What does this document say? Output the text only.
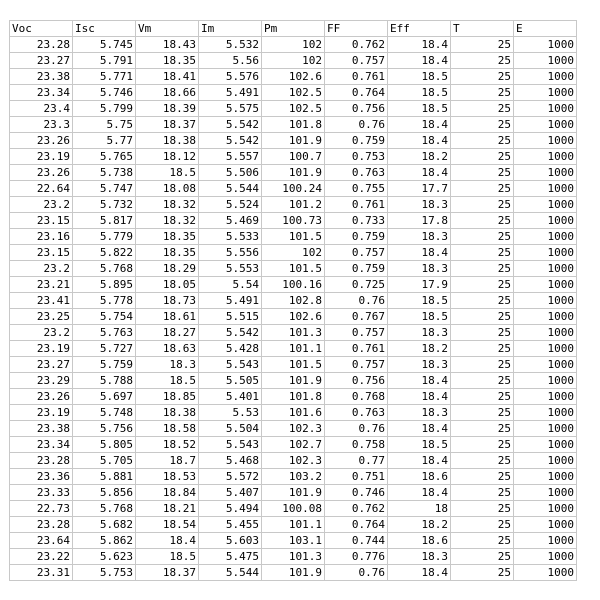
Voc	Isc	Vm	Im	Pm	FF	Eff	T	E
23.28	5.745	18.43	5.532	102	0.762	18.4	25	1000
23.27	5.791	18.35	5.56	102	0.757	18.4	25	1000
23.38	5.771	18.41	5.576	102.6	0.761	18.5	25	1000
23.34	5.746	18.66	5.491	102.5	0.764	18.5	25	1000
23.4	5.799	18.39	5.575	102.5	0.756	18.5	25	1000
23.3	5.75	18.37	5.542	101.8	0.76	18.4	25	1000
23.26	5.77	18.38	5.542	101.9	0.759	18.4	25	1000
23.19	5.765	18.12	5.557	100.7	0.753	18.2	25	1000
23.26	5.738	18.5	5.506	101.9	0.763	18.4	25	1000
22.64	5.747	18.08	5.544	100.24	0.755	17.7	25	1000
23.2	5.732	18.32	5.524	101.2	0.761	18.3	25	1000
23.15	5.817	18.32	5.469	100.73	0.733	17.8	25	1000
23.16	5.779	18.35	5.533	101.5	0.759	18.3	25	1000
23.15	5.822	18.35	5.556	102	0.757	18.4	25	1000
23.2	5.768	18.29	5.553	101.5	0.759	18.3	25	1000
23.21	5.895	18.05	5.54	100.16	0.725	17.9	25	1000
23.41	5.778	18.73	5.491	102.8	0.76	18.5	25	1000
23.25	5.754	18.61	5.515	102.6	0.767	18.5	25	1000
23.2	5.763	18.27	5.542	101.3	0.757	18.3	25	1000
23.19	5.727	18.63	5.428	101.1	0.761	18.2	25	1000
23.27	5.759	18.3	5.543	101.5	0.757	18.3	25	1000
23.29	5.788	18.5	5.505	101.9	0.756	18.4	25	1000
23.26	5.697	18.85	5.401	101.8	0.768	18.4	25	1000
23.19	5.748	18.38	5.53	101.6	0.763	18.3	25	1000
23.38	5.756	18.58	5.504	102.3	0.76	18.4	25	1000
23.34	5.805	18.52	5.543	102.7	0.758	18.5	25	1000
23.28	5.705	18.7	5.468	102.3	0.77	18.4	25	1000
23.36	5.881	18.53	5.572	103.2	0.751	18.6	25	1000
23.33	5.856	18.84	5.407	101.9	0.746	18.4	25	1000
22.73	5.768	18.21	5.494	100.08	0.762	18	25	1000
23.28	5.682	18.54	5.455	101.1	0.764	18.2	25	1000
23.64	5.862	18.4	5.603	103.1	0.744	18.6	25	1000
23.22	5.623	18.5	5.475	101.3	0.776	18.3	25	1000
23.31	5.753	18.37	5.544	101.9	0.76	18.4	25	1000
